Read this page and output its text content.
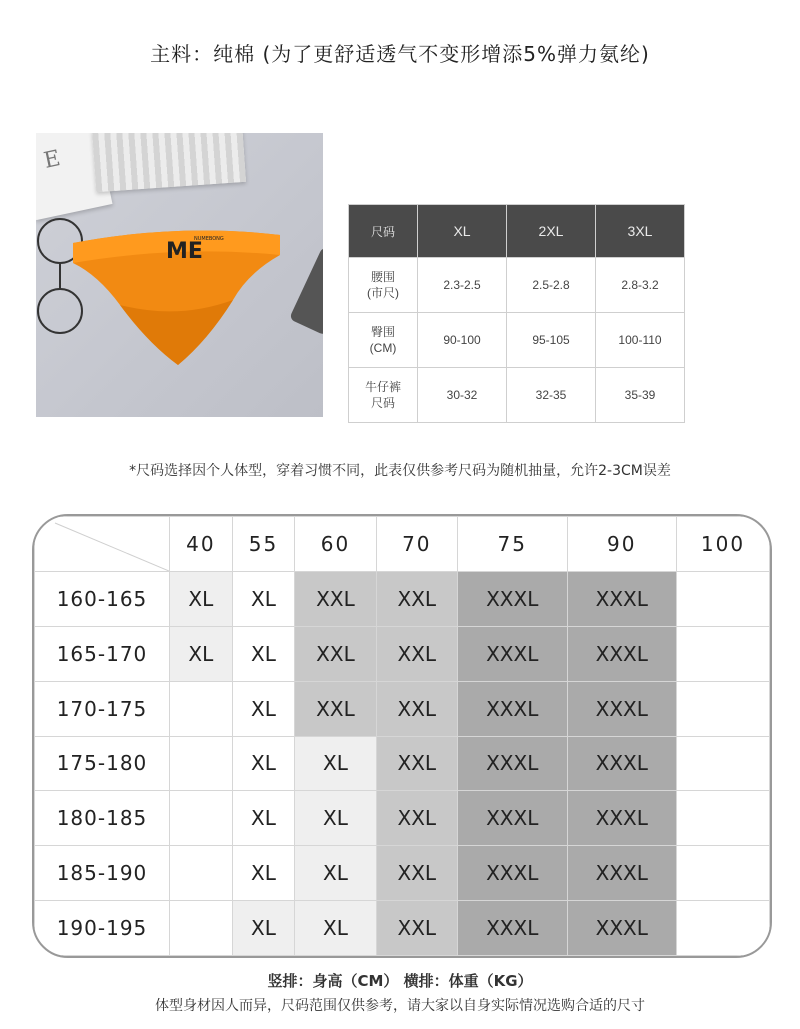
主料：纯棉 (为了更舒适透气不变形增添5%弹力氨纶)
E
ME
NUMEBONG
尺码	XL	2XL	3XL
腰围
(市尺)	2.3-2.5	2.5-2.8	2.8-3.2
臀围
(CM)	90-100	95-105	100-110
牛仔裤
尺码	30-32	32-35	35-39
*尺码选择因个人体型，穿着习惯不同，此表仅供参考尺码为随机抽量，允许2-3CM误差
	40	55	60	70	75	90	100
160-165	XL	XL	XXL	XXL	XXXL	XXXL	
165-170	XL	XL	XXL	XXL	XXXL	XXXL	
170-175		XL	XXL	XXL	XXXL	XXXL	
175-180		XL	XL	XXL	XXXL	XXXL	
180-185		XL	XL	XXL	XXXL	XXXL	
185-190		XL	XL	XXL	XXXL	XXXL	
190-195		XL	XL	XXL	XXXL	XXXL	
竖排：身高（CM） 横排：体重（KG）
体型身材因人而异，尺码范围仅供参考，请大家以自身实际情况选购合适的尺寸
